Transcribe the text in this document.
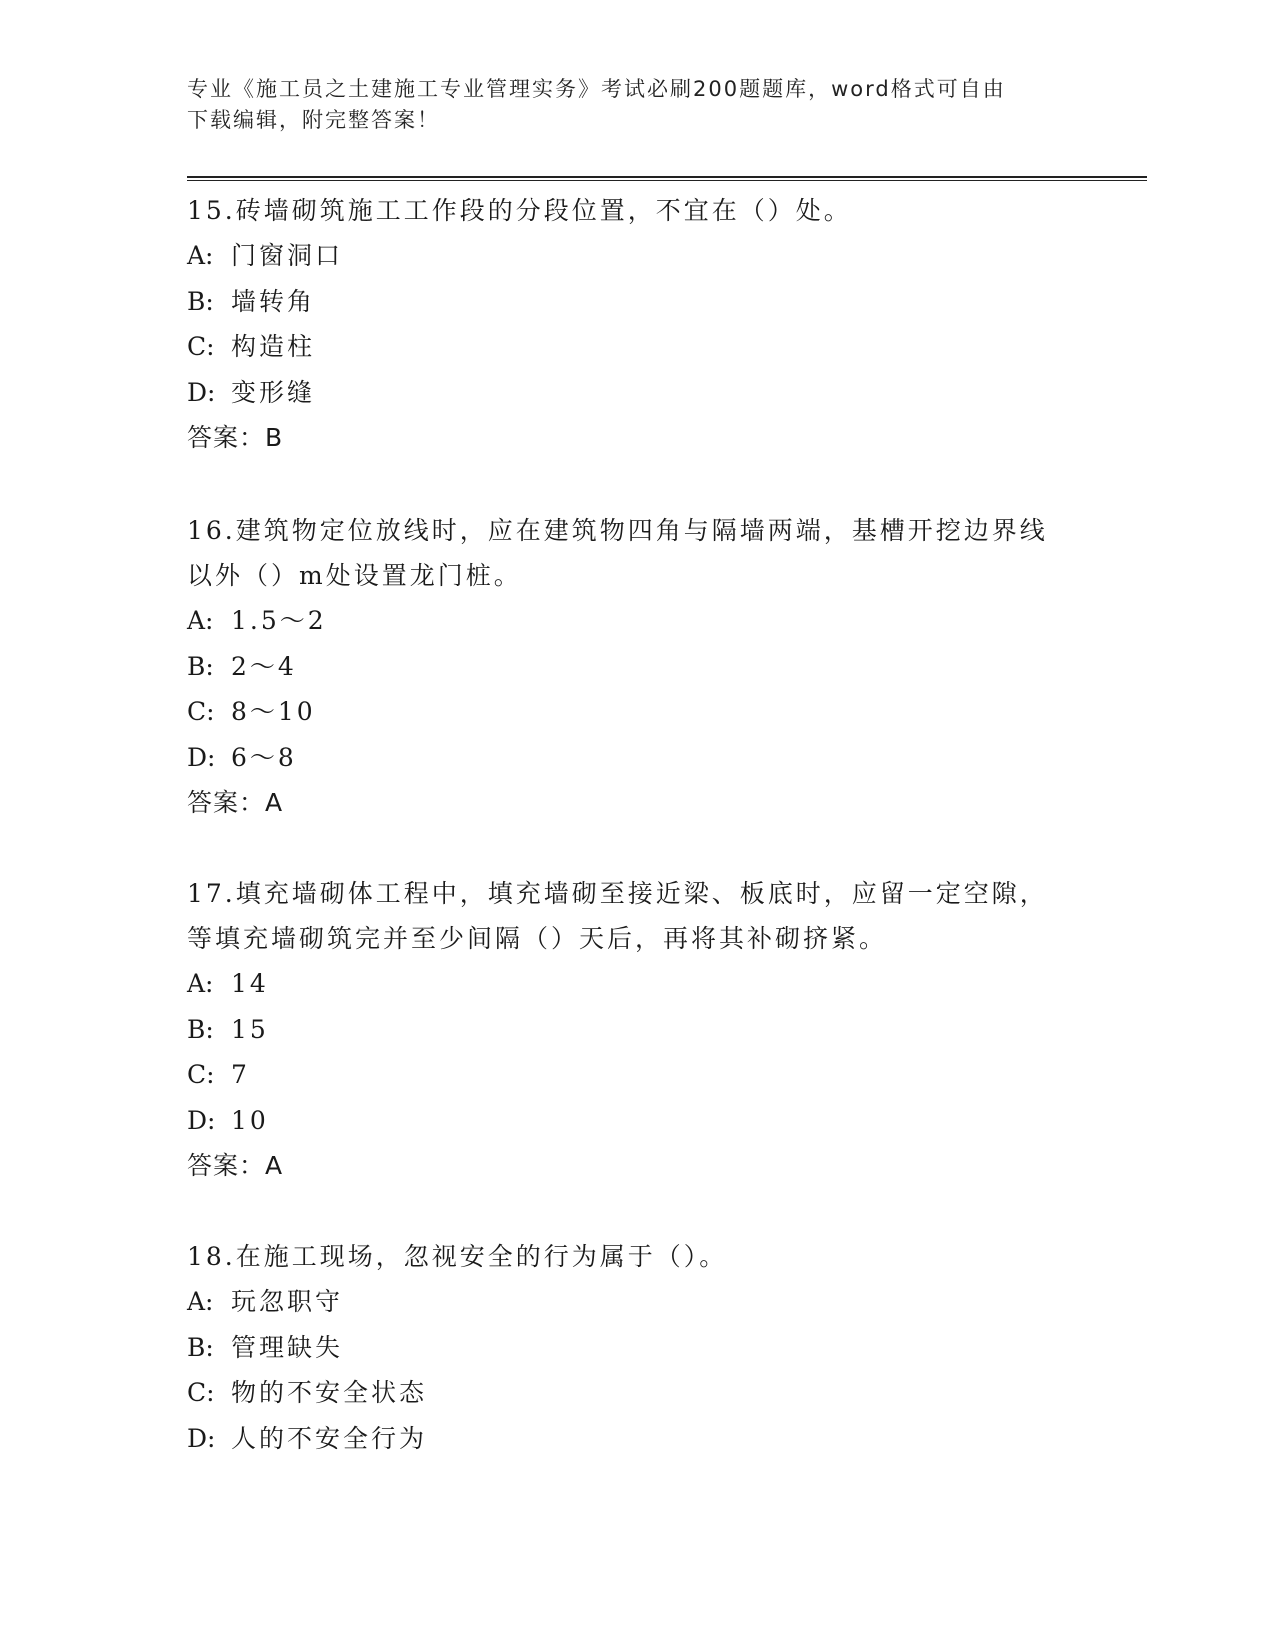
专业《施工员之土建施工专业管理实务》考试必刷200题题库，word格式可自由
下载编辑，附完整答案！

15.砖墙砌筑施工工作段的分段位置，不宜在（）处。

A: 门窗洞口

B: 墙转角

C: 构造柱

D: 变形缝

答案：B

16.建筑物定位放线时，应在建筑物四角与隔墙两端，基槽开挖边界线

以外（）m处设置龙门桩。

A: 1.5～2

B: 2～4

C: 8～10

D: 6～8

答案：A

17.填充墙砌体工程中，填充墙砌至接近梁、板底时，应留一定空隙，

等填充墙砌筑完并至少间隔（）天后，再将其补砌挤紧。

A: 14

B: 15

C: 7

D: 10

答案：A

18.在施工现场，忽视安全的行为属于（）。

A: 玩忽职守

B: 管理缺失

C: 物的不安全状态

D: 人的不安全行为
